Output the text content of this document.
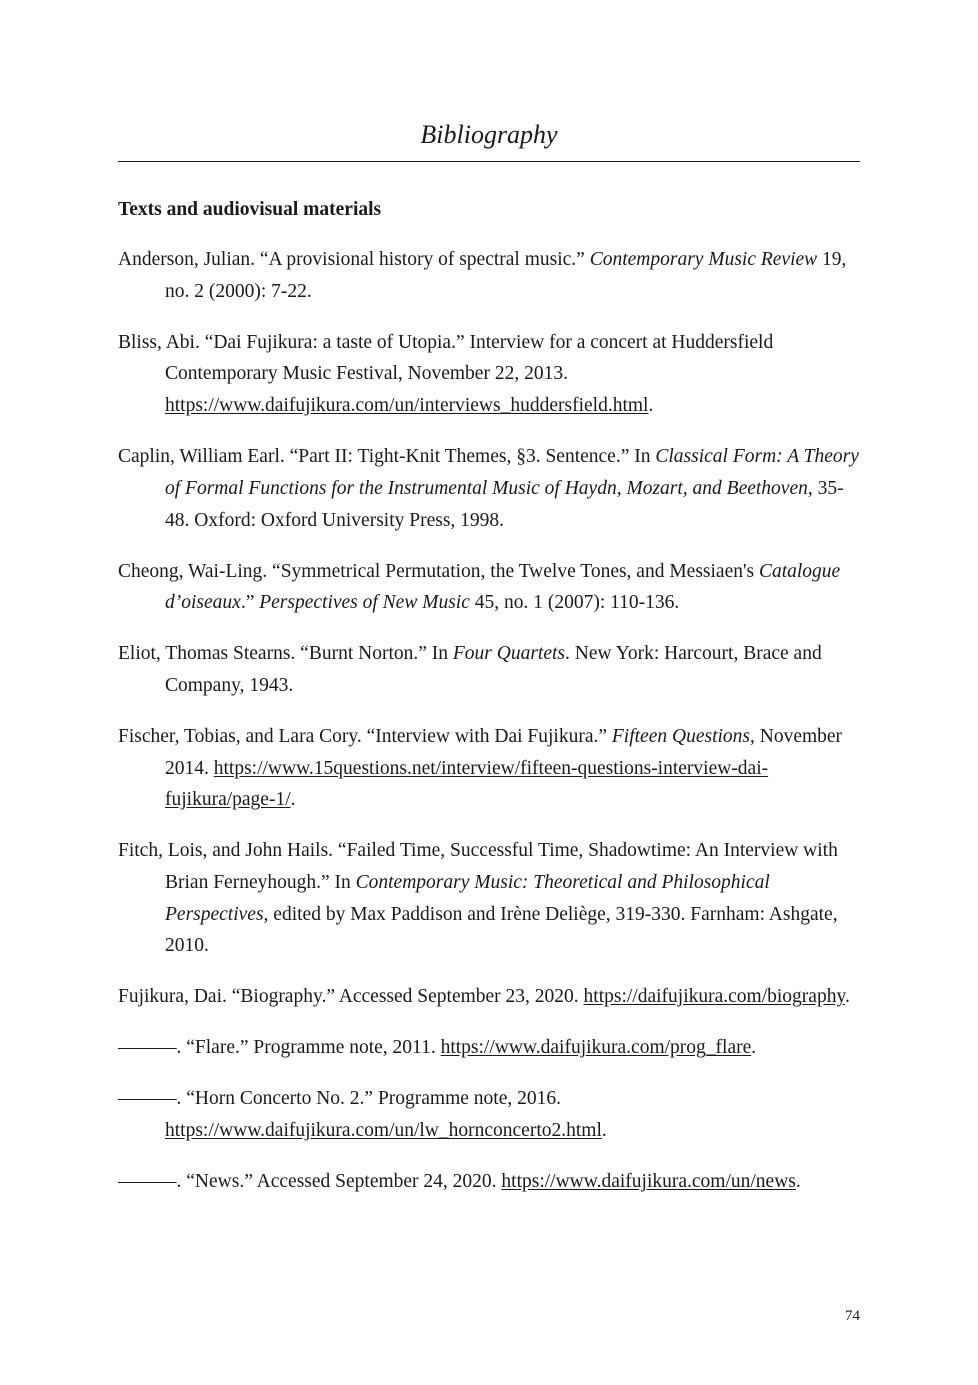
Bibliography
Texts and audiovisual materials

Anderson, Julian. “A provisional history of spectral music.” Contemporary Music Review 19, no. 2 (2000): 7-22.

Bliss, Abi. “Dai Fujikura: a taste of Utopia.” Interview for a concert at Huddersfield Contemporary Music Festival, November 22, 2013. https://www.daifujikura.com/un/interviews_huddersfield.html.

Caplin, William Earl. “Part II: Tight-Knit Themes, §3. Sentence.” In Classical Form: A Theory of Formal Functions for the Instrumental Music of Haydn, Mozart, and Beethoven, 35-48. Oxford: Oxford University Press, 1998.

Cheong, Wai-Ling. “Symmetrical Permutation, the Twelve Tones, and Messiaen's Catalogue d’oiseaux.” Perspectives of New Music 45, no. 1 (2007): 110-136.

Eliot, Thomas Stearns. “Burnt Norton.” In Four Quartets. New York: Harcourt, Brace and Company, 1943.

Fischer, Tobias, and Lara Cory. “Interview with Dai Fujikura.” Fifteen Questions, November 2014. https://www.15questions.net/interview/fifteen-questions-interview-dai-fujikura/page-1/.

Fitch, Lois, and John Hails. “Failed Time, Successful Time, Shadowtime: An Interview with Brian Ferneyhough.” In Contemporary Music: Theoretical and Philosophical Perspectives, edited by Max Paddison and Irène Deliège, 319-330. Farnham: Ashgate, 2010.

Fujikura, Dai. “Biography.” Accessed September 23, 2020. https://daifujikura.com/biography.

———. “Flare.” Programme note, 2011. https://www.daifujikura.com/prog_flare.

———. “Horn Concerto No. 2.” Programme note, 2016. https://www.daifujikura.com/un/lw_hornconcerto2.html.

———. “News.” Accessed September 24, 2020. https://www.daifujikura.com/un/news.

74
